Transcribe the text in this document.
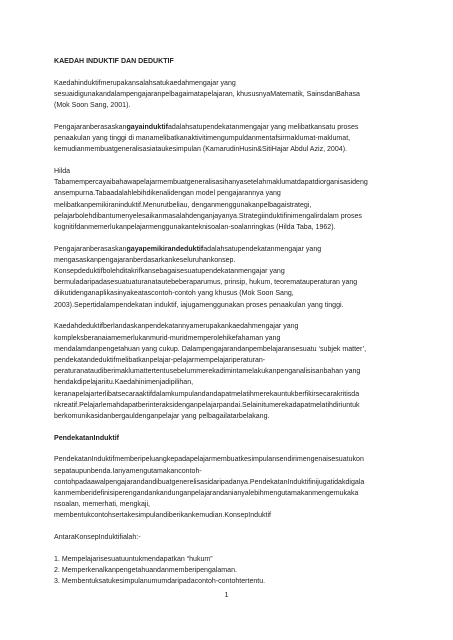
KAEDAH INDUKTIF DAN DEDUKTIF
Kaedahinduktifmerupakansalahsatukaedahmengajar yang
sesuaidigunakandalampengajaranpelbagaimatapelajaran, khususnyaMatematik, SainsdanBahasa
(Mok Soon Sang, 2001).
Pengajaranberasaskangayainduktifadalahsatupendekatanmengajar yang melibatkansatu proses
penaakulan yang tinggi di manamelibatkanaktivitimengumpuldanmentafsirmaklumat-maklumat,
kemudianmembuatgeneralisasiataukesimpulan (KamarudinHusin&SitiHajar Abdul Aziz, 2004).
Hilda
Tabamempercayaibahawapelajarmembuatgeneralisasihanyasetelahmaklumatdapatdiorganisasideng
ansempurna.Tabaadalahlebihdikenalidengan model pengajarannya yang
melibatkanpemikiraninduktif.Menurutbeliau, denganmenggunakanpelbagaistrategi,
pelajarbolehdibantumenyelesaikanmasalahdenganjayanya.Strategiinduktifinimengalirdalam proses
kognitifdanmemerlukanpelajarmenggunakanteknisoalan-soalanringkas (Hilda Taba, 1962).
Pengajaranberasaskangayapemikirandeduktifadalahsatupendekatanmengajar yang
mengasaskanpengajaranberdasarkankeseluruhankonsep.
Konsepdeduktifbolehditakrifkansebagaisesuatupendekatanmengajar yang
bermuladaripadasesuatuaturanatautebeberaparumus, prinsip, hukum, teorematauperaturan yang
diikutidenganaplikasinyakeatascontoh-contoh yang khusus (Mok Soon Sang,
2003).Sepertidalampendekatan induktif, iajugamenggunakan proses penaakulan yang tinggi.
Kaedahdeduktifberlandaskanpendekatannyamerupakankaedahmengajar yang
kompleksberanaiamemerlukanmurid-muridmemperolehikefahaman yang
mendalamdanpengetahuan yang cukup. Dalampengajarandanpembelajaransesuatu ‘subjek matter’,
pendekatandeduktifmelibatkanpelajar-pelajarmempelajariperaturan-
peraturanataudiberimaklumattertentusebelummerekadimintamelakukanpenganalisisanbahan yang
hendakdipelajariitu.Kaedahinimenjadipilihan,
keranapelajarterlibatsecaraaktifdalamkumpulandandapatmelatihmerekauntukberfikirsecarakritisda
nkreatif.Pelajarlemahdapatberinteraksidenganpelajarpandai.Selainitumerekadapatmelatihdiriuntuk
berkomunikasidanbergauldenganpelajar yang pelbagailatarbelakang.
PendekatanInduktif
PendekatanInduktifmemberipeluangkepadapelajarmembuatkesimpulansendirimengenaisesuatukon
sepataupunbenda.Ianyamengutamakancontoh-
contohpadaawalpengajarandandibuatgenerelisasidaripadanya.PendekatanInduktifinijugatidakdigala
kanmemberidefinisiperengandankandunganpelajarandanianyalebihmengutamakanmengemukaka
nsoalan, memerhati, mengkaji,
membentukcontohsertakesimpulandiberikankemudian.KonsepInduktif
AntaraKonsepInduktifialah:-
1. Mempelajarisesuatuuntukmendapatkan “hukum”
2. Memperkenalkanpengetahuandanmemberipengalaman.
3. Membentuksatukesimpulanumumdaripadacontoh-contohtertentu.
1
